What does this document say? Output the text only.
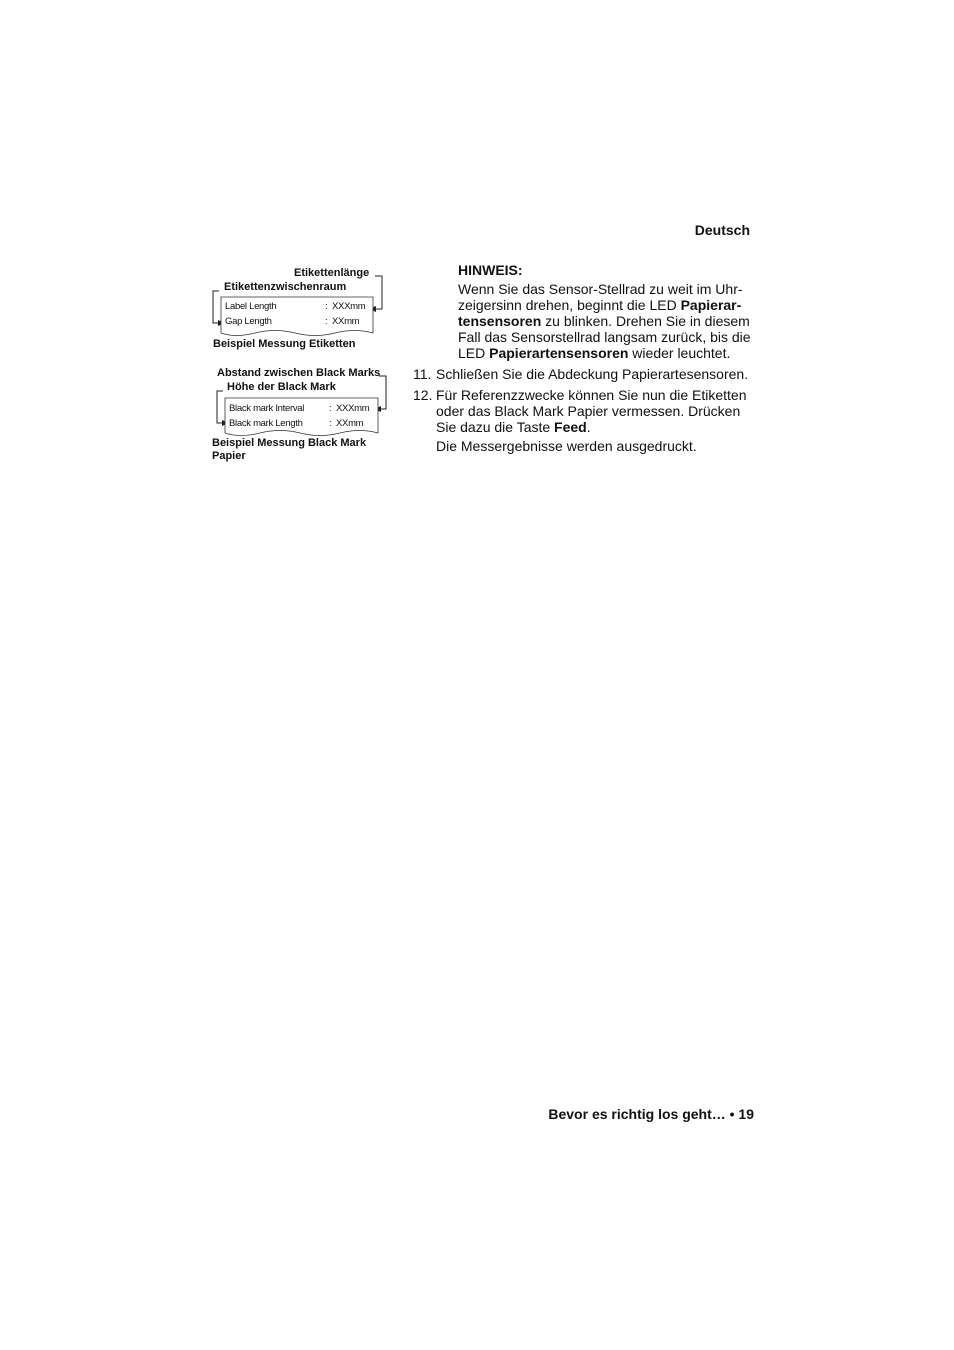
Deutsch
Etikettenlänge
Etikettenzwischenraum
Label Length	: XXXmm
Gap Length	: XXmm
Beispiel Messung Etiketten
Abstand zwischen Black Marks
Höhe der Black Mark
Black mark Interval	: XXXmm
Black mark Length	: XXmm
Beispiel Messung Black Mark
Papier
HINWEIS:
Wenn Sie das Sensor-Stellrad zu weit im Uhr-zeigersinn drehen, beginnt die LED Papierar-tensensoren zu blinken. Drehen Sie in diesem Fall das Sensorstellrad langsam zurück, bis die LED Papierartensensoren wieder leuchtet.
11. Schließen Sie die Abdeckung Papierartesensoren.
12. Für Referenzzwecke können Sie nun die Etiketten oder das Black Mark Papier vermessen. Drücken Sie dazu die Taste Feed.
Die Messergebnisse werden ausgedruckt.
Bevor es richtig los geht… • 19
